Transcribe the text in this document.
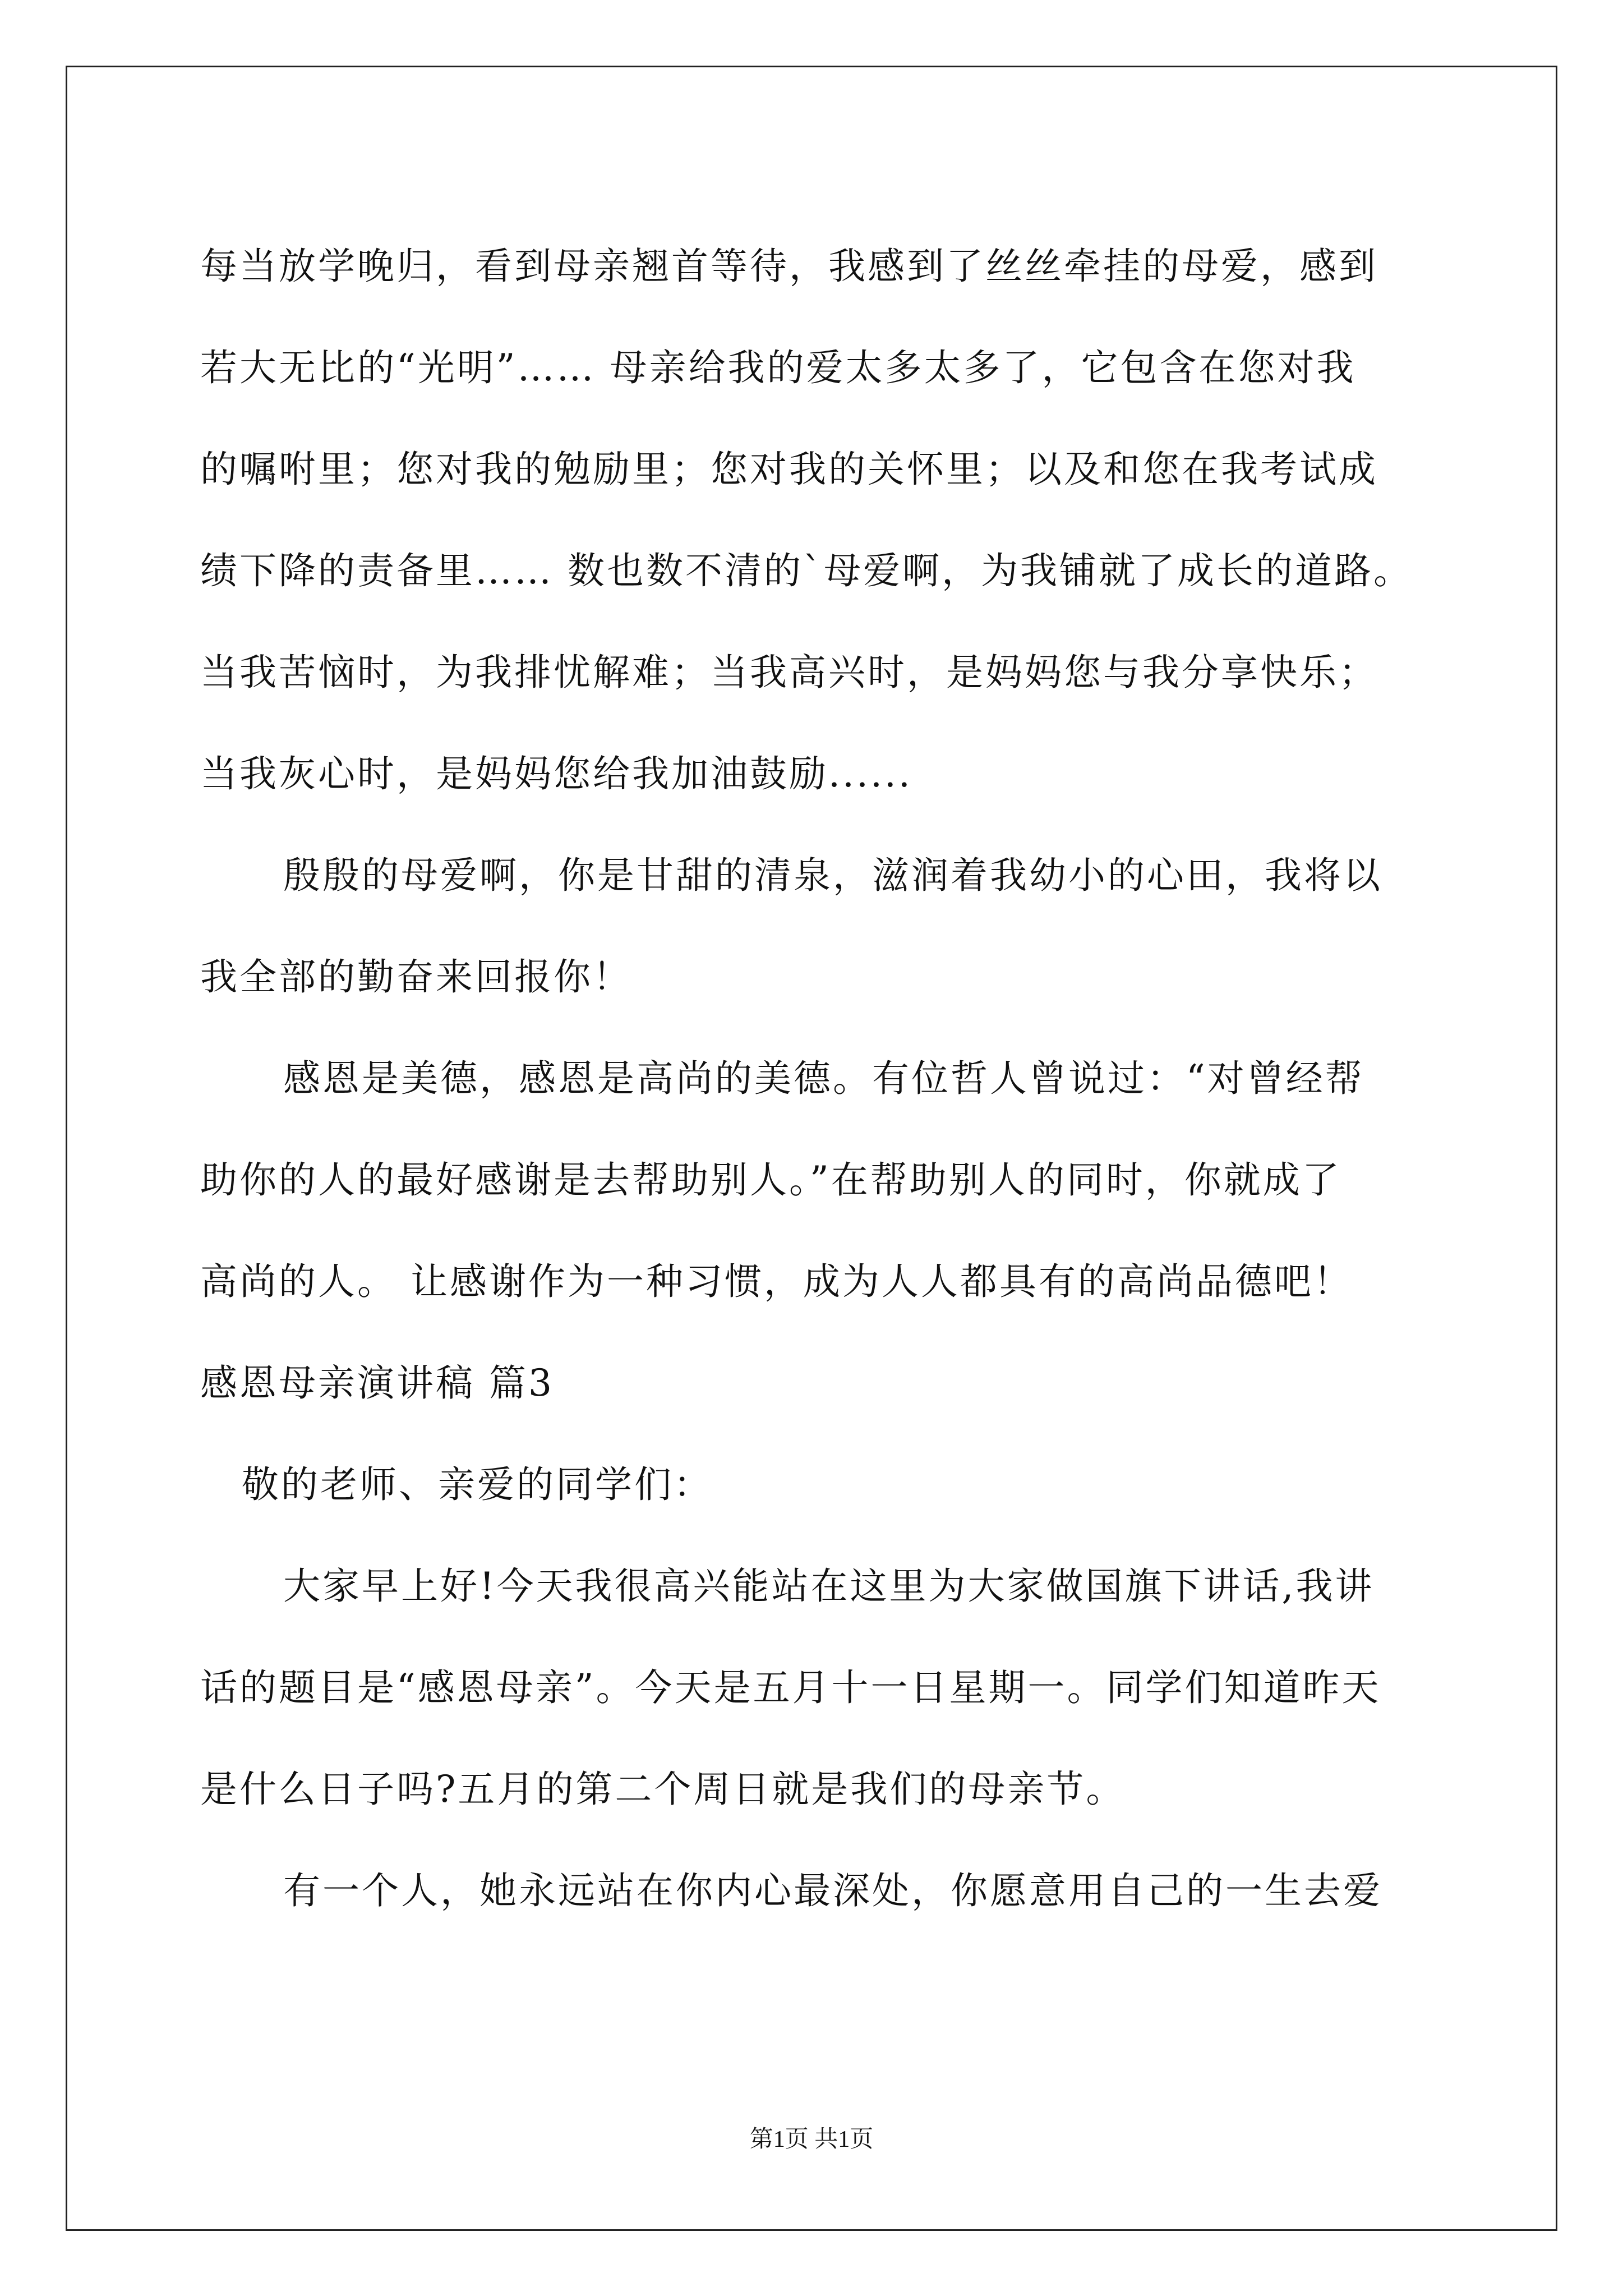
每当放学晚归，看到母亲翘首等待，我感到了丝丝牵挂的母爱，感到
若大无比的“光明”…… 母亲给我的爱太多太多了，它包含在您对我
的嘱咐里；您对我的勉励里；您对我的关怀里；以及和您在我考试成
绩下降的责备里…… 数也数不清的`母爱啊，为我铺就了成长的道路。
当我苦恼时，为我排忧解难；当我高兴时，是妈妈您与我分享快乐；
当我灰心时，是妈妈您给我加油鼓励......
殷殷的母爱啊，你是甘甜的清泉，滋润着我幼小的心田，我将以
我全部的勤奋来回报你！
感恩是美德，感恩是高尚的美德。有位哲人曾说过：“对曾经帮
助你的人的最好感谢是去帮助别人。”在帮助别人的同时，你就成了
高尚的人。 让感谢作为一种习惯，成为人人都具有的高尚品德吧！
感恩母亲演讲稿 篇3
敬的老师、亲爱的同学们：
大家早上好!今天我很高兴能站在这里为大家做国旗下讲话,我讲
话的题目是“感恩母亲”。今天是五月十一日星期一。同学们知道昨天
是什么日子吗?五月的第二个周日就是我们的母亲节。
有一个人，她永远站在你内心最深处，你愿意用自己的一生去爱
第1页 共1页
